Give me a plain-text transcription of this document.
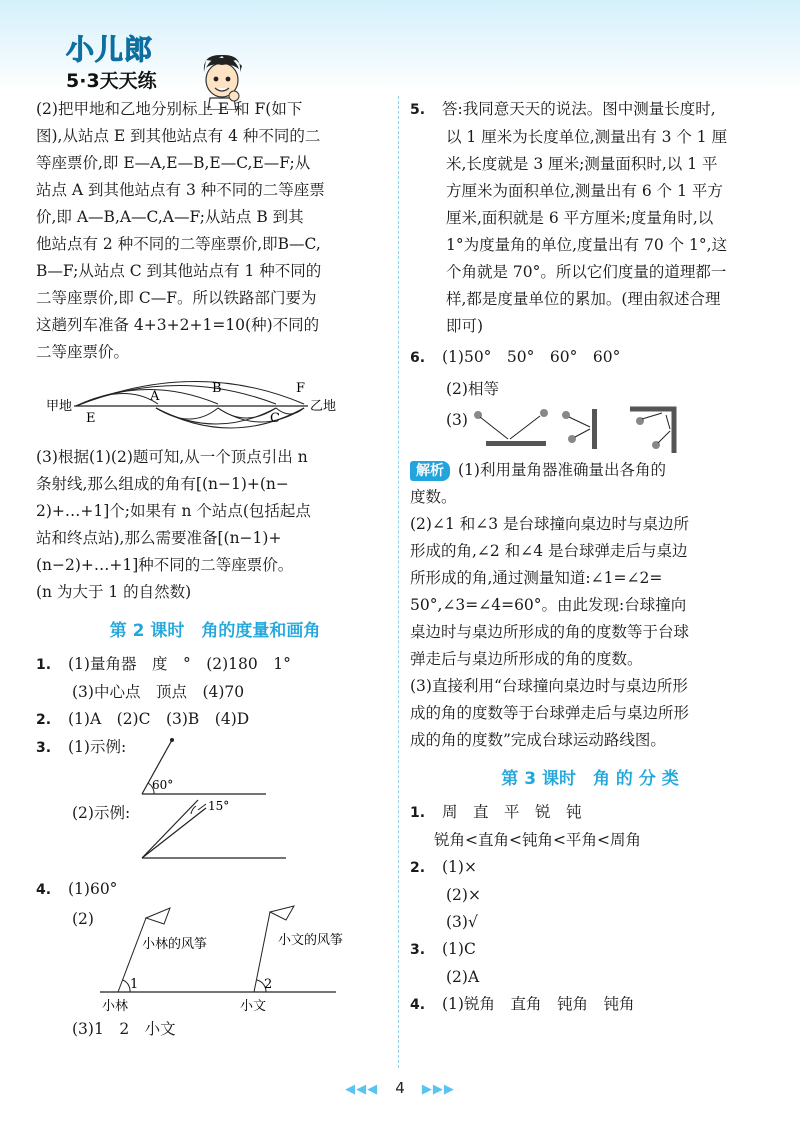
小儿郎
5·3天天练

(2)把甲地和乙地分别标上 E 和 F(如下

图),从站点 E 到其他站点有 4 种不同的二

等座票价,即 E—A,E—B,E—C,E—F;从

站点 A 到其他站点有 3 种不同的二等座票

价,即 A—B,A—C,A—F;从站点 B 到其

他站点有 2 种不同的二等座票价,即B—C,

B—F;从站点 C 到其他站点有 1 种不同的

二等座票价,即 C—F。所以铁路部门要为

这趟列车准备 4+3+2+1=10(种)不同的

二等座票价。

甲地	乙地
E
A
B
C
F

(3)根据(1)(2)题可知,从一个顶点引出 n

条射线,那么组成的角有[(n−1)+(n−

2)+…+1]个;如果有 n 个站点(包括起点

站和终点站),那么需要准备[(n−1)+

(n−2)+…+1]种不同的二等座票价。

(n 为大于 1 的自然数)

第 2 课时　角的度量和画角

1. (1)量角器　度　°　(2)180　1°

(3)中心点　顶点　(4)70

2. (1)A　(2)C　(3)B　(4)D

3. (1)示例:

60°

(2)示例:	15°

4. (1)60°

(2)

小林的风筝
1
小文的风筝
2
小林	小文

(3)1　2　小文

5. 答:我同意天天的说法。图中测量长度时,

以 1 厘米为长度单位,测量出有 3 个 1 厘

米,长度就是 3 厘米;测量面积时,以 1 平

方厘米为面积单位,测量出有 6 个 1 平方

厘米,面积就是 6 平方厘米;度量角时,以

1°为度量角的单位,度量出有 70 个 1°,这

个角就是 70°。所以它们度量的道理都一

样,都是度量单位的累加。(理由叙述合理

即可)

6. (1)50°　50°　60°　60°

(2)相等

(3)

解析 (1)利用量角器准确量出各角的

度数。

(2)∠1 和∠3 是台球撞向桌边时与桌边所

形成的角,∠2 和∠4 是台球弹走后与桌边

所形成的角,通过测量知道:∠1=∠2=

50°,∠3=∠4=60°。由此发现:台球撞向

桌边时与桌边所形成的角的度数等于台球

弹走后与桌边所形成的角的度数。

(3)直接利用“台球撞向桌边时与桌边所形

成的角的度数等于台球弹走后与桌边所形

成的角的度数”完成台球运动路线图。

第 3 课时　角 的 分 类

1. 周　直　平　锐　钝

锐角<直角<钝角<平角<周角

2. (1)×

(2)×

(3)√

3. (1)C

(2)A

4. (1)锐角　直角　钝角　钝角

◀◀◀ 4 ▶▶▶
